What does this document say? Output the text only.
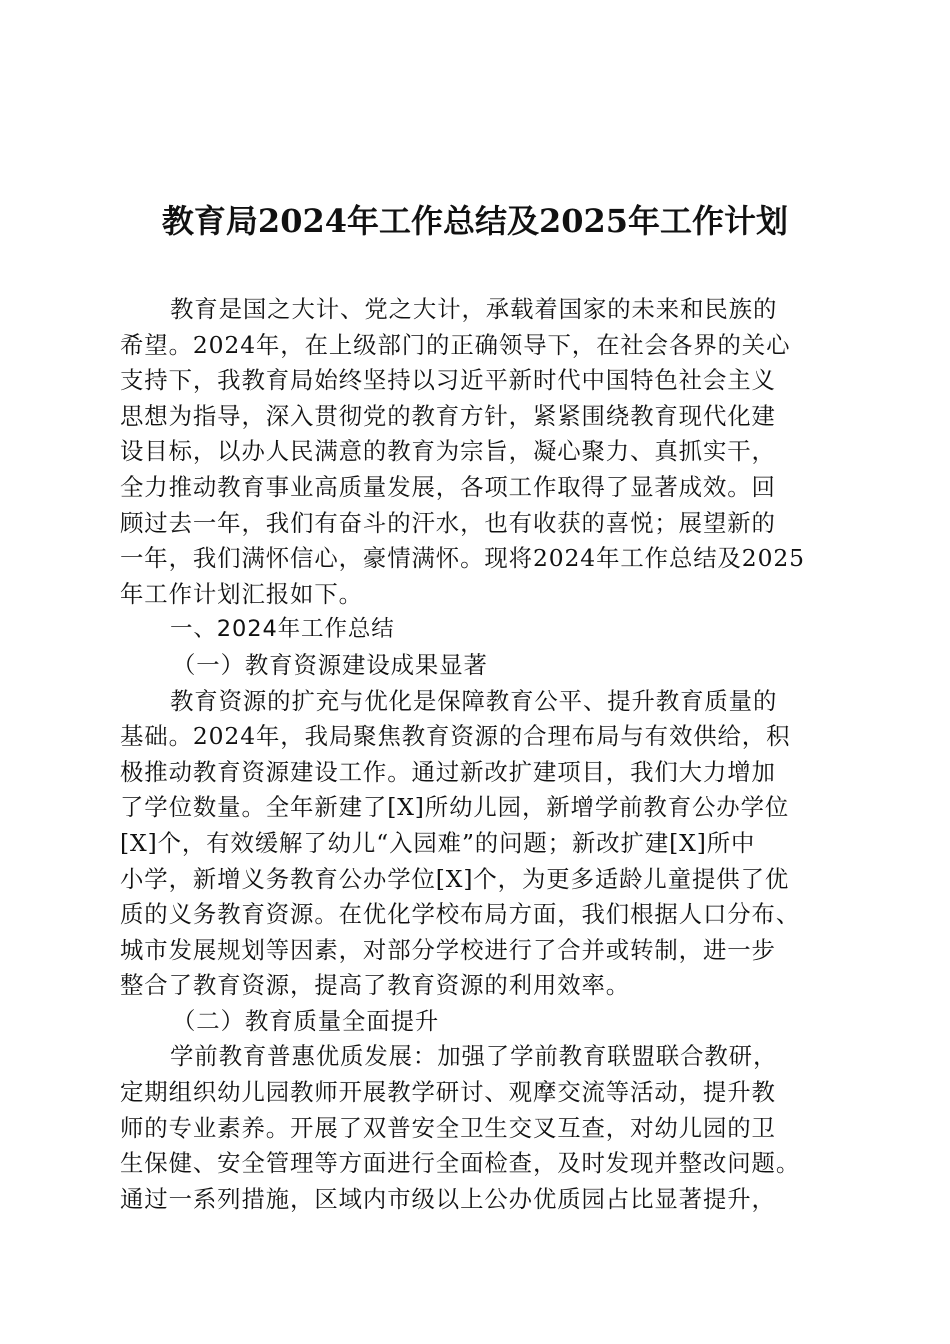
教育局2024年工作总结及2025年工作计划
教育是国之大计、党之大计，承载着国家的未来和民族的
希望。2024年，在上级部门的正确领导下，在社会各界的关心
支持下，我教育局始终坚持以习近平新时代中国特色社会主义
思想为指导，深入贯彻党的教育方针，紧紧围绕教育现代化建
设目标，以办人民满意的教育为宗旨，凝心聚力、真抓实干，
全力推动教育事业高质量发展，各项工作取得了显著成效。回
顾过去一年，我们有奋斗的汗水，也有收获的喜悦；展望新的
一年，我们满怀信心，豪情满怀。现将2024年工作总结及2025
年工作计划汇报如下。
一、2024年工作总结
（一）教育资源建设成果显著
教育资源的扩充与优化是保障教育公平、提升教育质量的
基础。2024年，我局聚焦教育资源的合理布局与有效供给，积
极推动教育资源建设工作。通过新改扩建项目，我们大力增加
了学位数量。全年新建了[X]所幼儿园，新增学前教育公办学位
[X]个，有效缓解了幼儿“入园难”的问题；新改扩建[X]所中
小学，新增义务教育公办学位[X]个，为更多适龄儿童提供了优
质的义务教育资源。在优化学校布局方面，我们根据人口分布、
城市发展规划等因素，对部分学校进行了合并或转制，进一步
整合了教育资源，提高了教育资源的利用效率。
（二）教育质量全面提升
学前教育普惠优质发展：加强了学前教育联盟联合教研，
定期组织幼儿园教师开展教学研讨、观摩交流等活动，提升教
师的专业素养。开展了双普安全卫生交叉互查，对幼儿园的卫
生保健、安全管理等方面进行全面检查，及时发现并整改问题。
通过一系列措施，区域内市级以上公办优质园占比显著提升，
